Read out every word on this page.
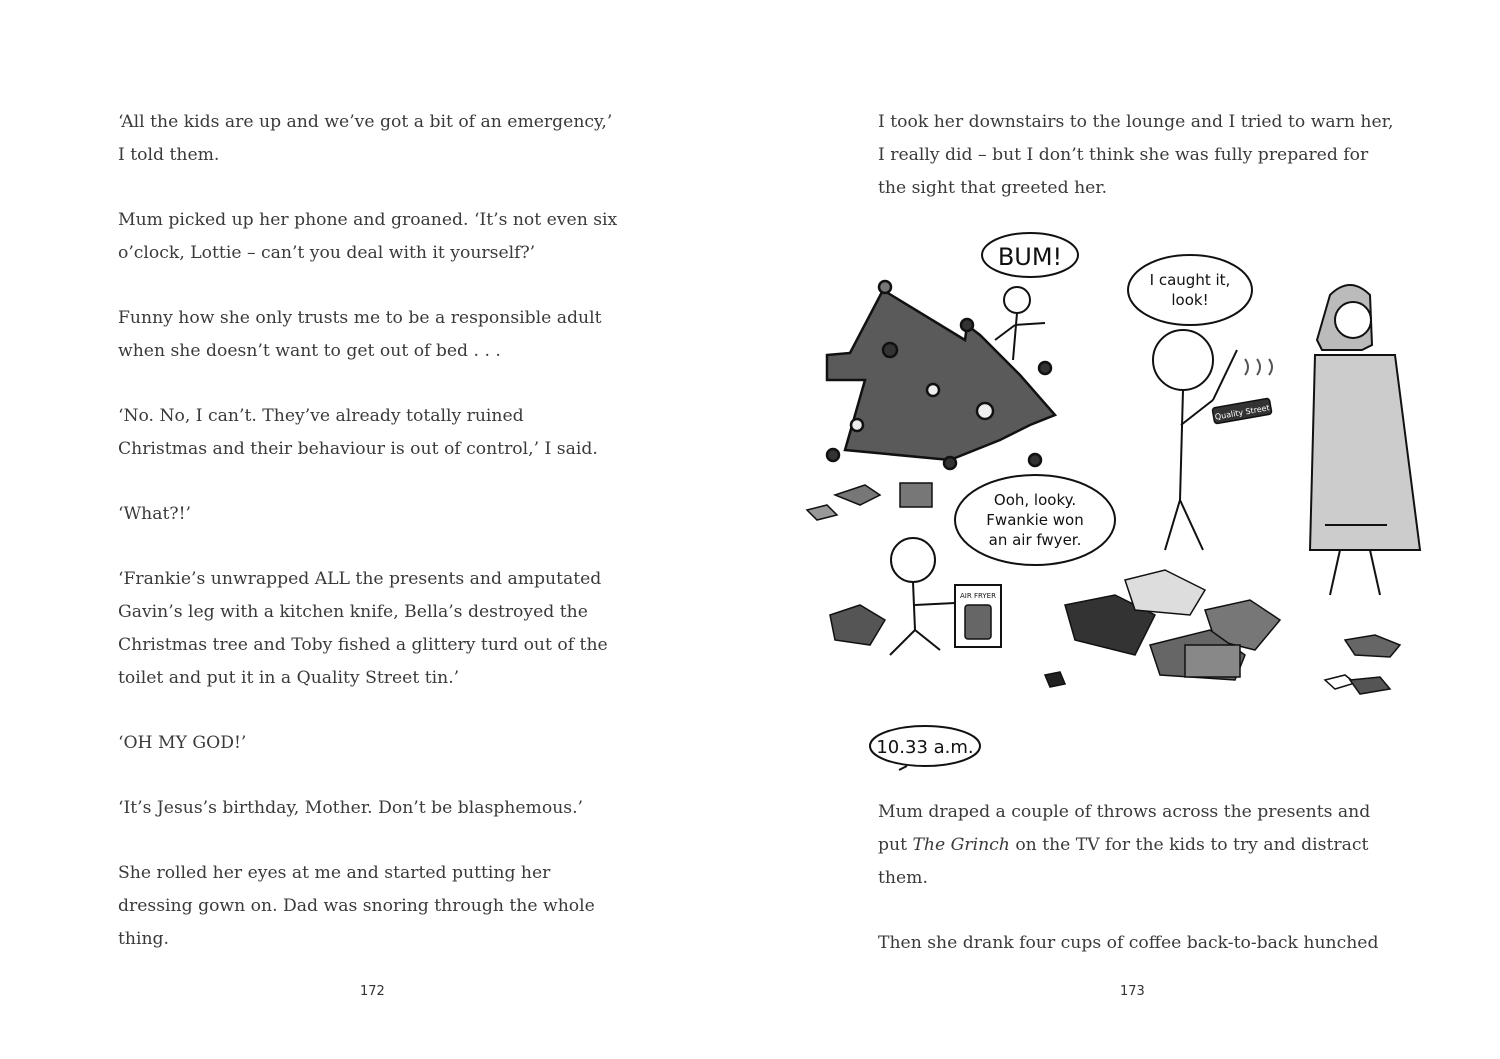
‘All the kids are up and we’ve got a bit of an emergency,’ I told them.

Mum picked up her phone and groaned. ‘It’s not even six o’clock, Lottie – can’t you deal with it yourself?’

Funny how she only trusts me to be a responsible adult when she doesn’t want to get out of bed . . .

‘No. No, I can’t. They’ve already totally ruined Christmas and their behaviour is out of control,’ I said.

‘What?!’

‘Frankie’s unwrapped ALL the presents and amputated Gavin’s leg with a kitchen knife, Bella’s destroyed the Christmas tree and Toby fished a glittery turd out of the toilet and put it in a Quality Street tin.’

‘OH MY GOD!’

‘It’s Jesus’s birthday, Mother. Don’t be blasphemous.’

She rolled her eyes at me and started putting her dressing gown on. Dad was snoring through the whole thing.

172

I took her downstairs to the lounge and I tried to warn her, I really did – but I don’t think she was fully prepared for the sight that greeted her.

BUM!
Quality Street
I caught it,
look!
AIR FRYER
Ooh, looky.
Fwankie won
an air fwyer.
10.33 a.m.

Mum draped a couple of throws across the presents and put The Grinch on the TV for the kids to try and distract them.

Then she drank four cups of coffee back-to-back hunched

173
